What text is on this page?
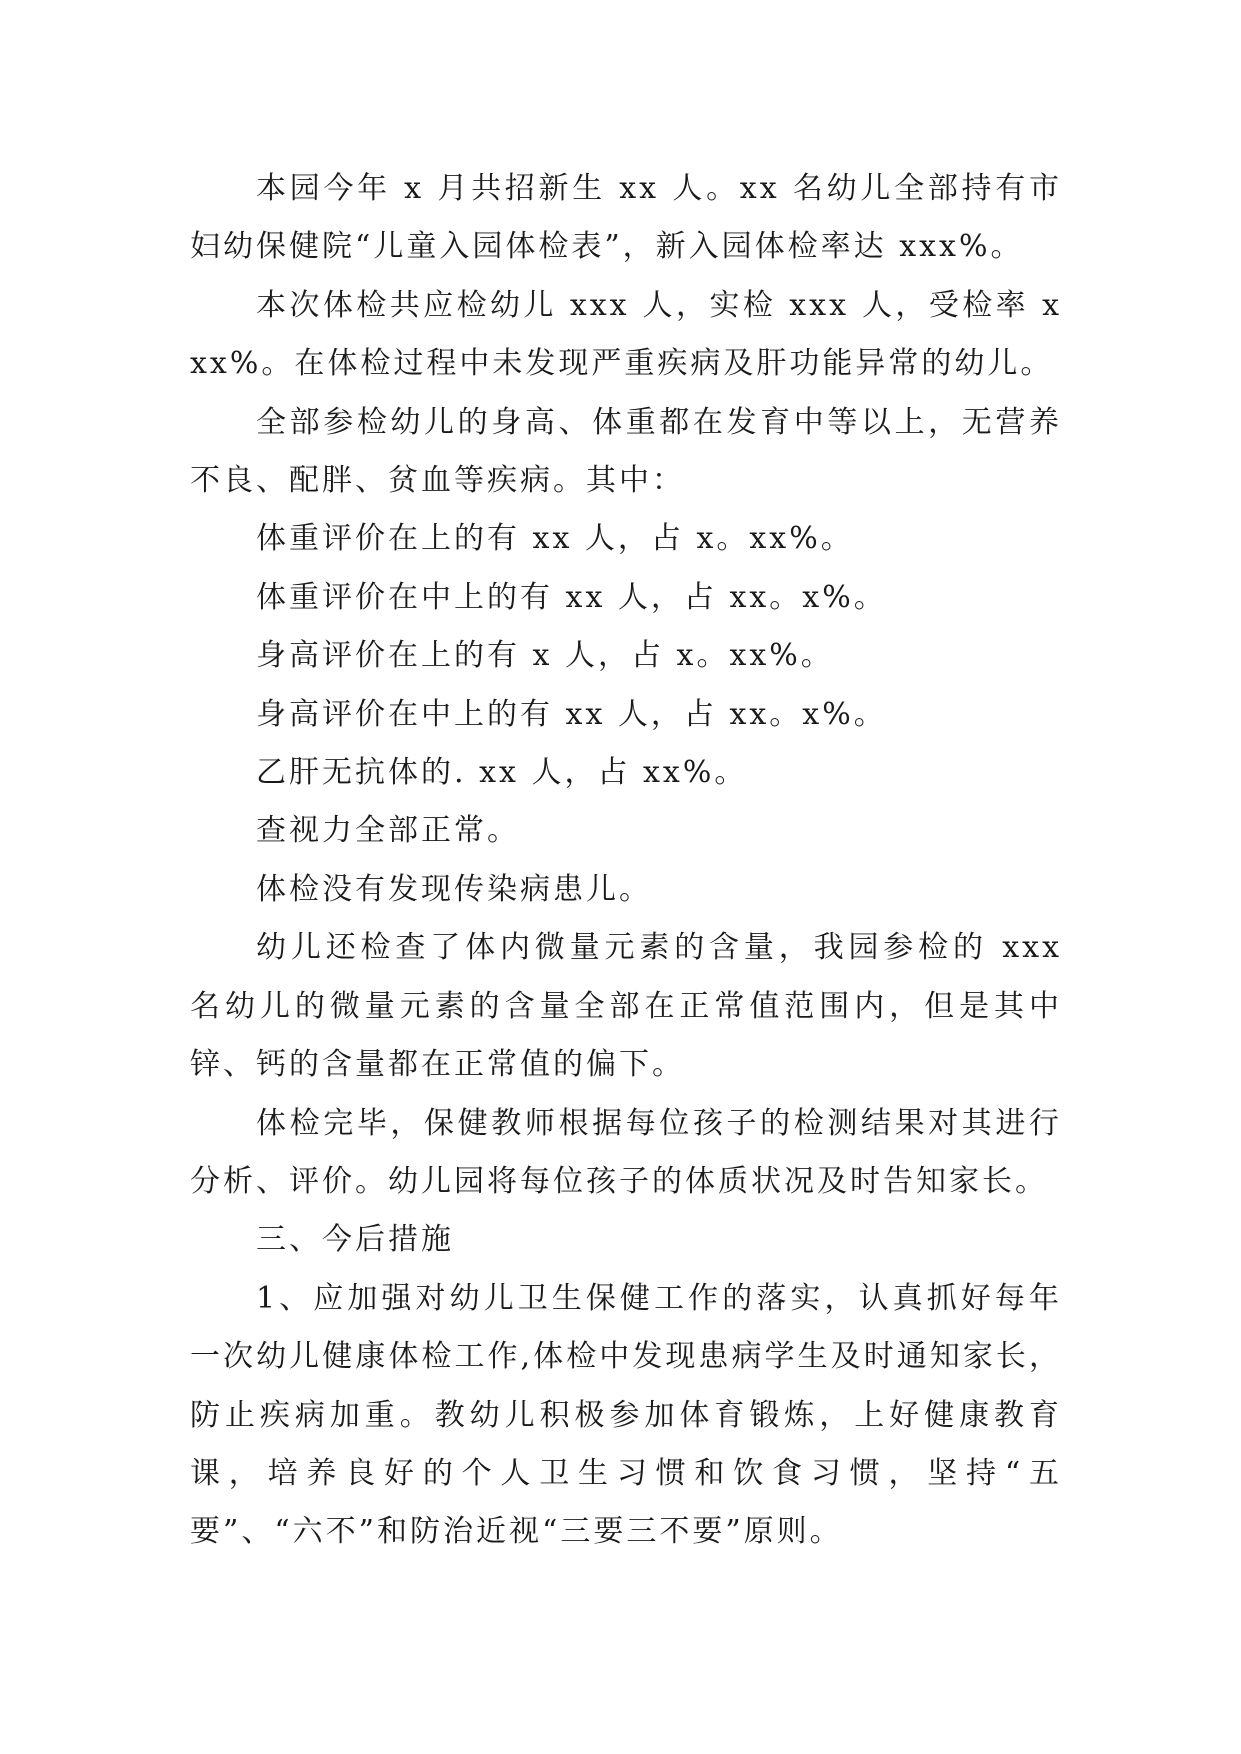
本园今年 x 月共招新生 xx 人。xx 名幼儿全部持有市妇幼保健院“儿童入园体检表”，新入园体检率达 xxx%。

本次体检共应检幼儿 xxx 人，实检 xxx 人，受检率 xxx%。在体检过程中未发现严重疾病及肝功能异常的幼儿。

全部参检幼儿的身高、体重都在发育中等以上，无营养不良、配胖、贫血等疾病。其中：

体重评价在上的有 xx 人，占 x。xx%。

体重评价在中上的有 xx 人，占 xx。x%。

身高评价在上的有 x 人，占 x。xx%。

身高评价在中上的有 xx 人，占 xx。x%。

乙肝无抗体的. xx 人，占 xx%。

查视力全部正常。

体检没有发现传染病患儿。

幼儿还检查了体内微量元素的含量，我园参检的 xxx 名幼儿的微量元素的含量全部在正常值范围内，但是其中锌、钙的含量都在正常值的偏下。

体检完毕，保健教师根据每位孩子的检测结果对其进行分析、评价。幼儿园将每位孩子的体质状况及时告知家长。

三、今后措施

1、应加强对幼儿卫生保健工作的落实，认真抓好每年一次幼儿健康体检工作,体检中发现患病学生及时通知家长，防止疾病加重。教幼儿积极参加体育锻炼，上好健康教育课，培养良好的个人卫生习惯和饮食习惯，坚持“五要”、“六不”和防治近视“三要三不要”原则。
